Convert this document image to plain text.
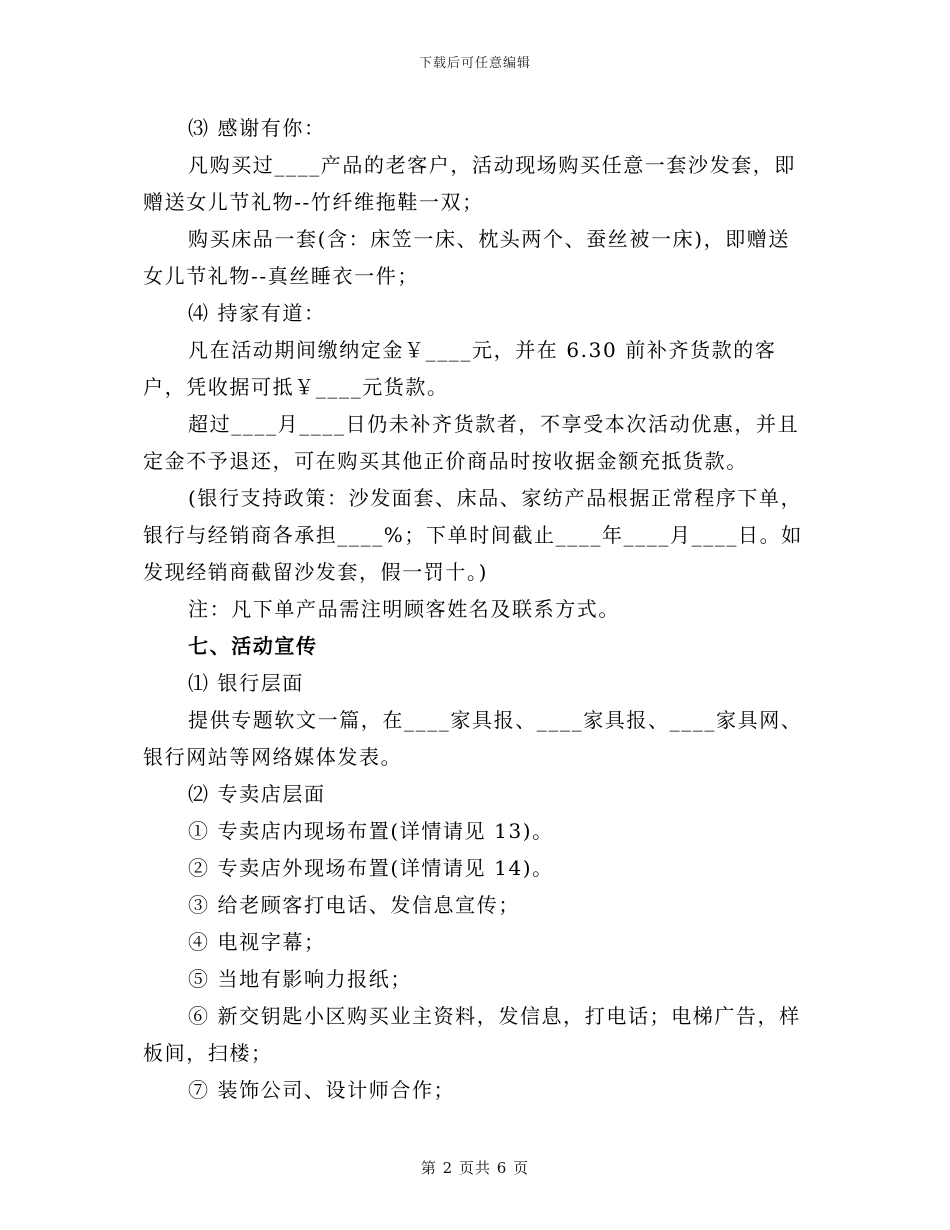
下载后可任意编辑

⑶ 感谢有你：

凡购买过____产品的老客户，活动现场购买任意一套沙发套，即赠送女儿节礼物--竹纤维拖鞋一双；

购买床品一套(含：床笠一床、枕头两个、蚕丝被一床)，即赠送女儿节礼物--真丝睡衣一件；

⑷ 持家有道：

凡在活动期间缴纳定金￥____元，并在 6.30 前补齐货款的客户，凭收据可抵￥____元货款。

超过____月____日仍未补齐货款者，不享受本次活动优惠，并且定金不予退还，可在购买其他正价商品时按收据金额充抵货款。

(银行支持政策：沙发面套、床品、家纺产品根据正常程序下单，银行与经销商各承担____%；下单时间截止____年____月____日。如发现经销商截留沙发套，假一罚十。)

注：凡下单产品需注明顾客姓名及联系方式。

七、活动宣传

⑴ 银行层面

提供专题软文一篇，在____家具报、____家具报、____家具网、银行网站等网络媒体发表。

⑵ 专卖店层面

① 专卖店内现场布置(详情请见 13)。

② 专卖店外现场布置(详情请见 14)。

③ 给老顾客打电话、发信息宣传；

④ 电视字幕；

⑤ 当地有影响力报纸；

⑥ 新交钥匙小区购买业主资料，发信息，打电话；电梯广告，样板间，扫楼；

⑦ 装饰公司、设计师合作；

第 2 页共 6 页
